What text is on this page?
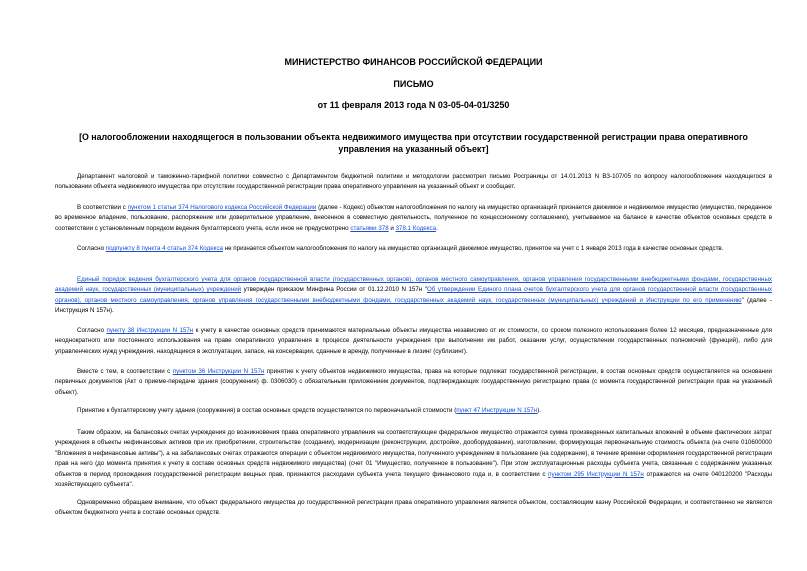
МИНИСТЕРСТВО ФИНАНСОВ РОССИЙСКОЙ ФЕДЕРАЦИИ
ПИСЬМО
от 11 февраля 2013 года N 03-05-04-01/3250
[О налогообложении находящегося в пользовании объекта недвижимого имущества при отсутствии государственной регистрации права оперативного управления на указанный объект]
Департамент налоговой и таможенно-тарифной политики совместно с Департаментом бюджетной политики и методологии рассмотрел письмо Росграницы от 14.01.2013 N ВЗ-107/05 по вопросу налогообложения находящегося в пользовании объекта недвижимого имущества при отсутствии государственной регистрации права оперативного управления на указанный объект и сообщает.
В соответствии с пунктом 1 статьи 374 Налогового кодекса Российской Федерации (далее - Кодекс) объектом налогообложения по налогу на имущество организаций признается движимое и недвижимое имущество (имущество, переданное во временное владение, пользование, распоряжение или доверительное управление, внесенное в совместную деятельность, полученное по концессионному соглашению), учитываемое на балансе в качестве объектов основных средств в соответствии с установленным порядком ведения бухгалтерского учета, если иное не предусмотрено статьями 378 и 378.1 Кодекса.
Согласно подпункту 8 пункта 4 статьи 374 Кодекса не признается объектом налогообложения по налогу на имущество организаций движимое имущество, принятое на учет с 1 января 2013 года в качестве основных средств.
Единый порядок ведения бухгалтерского учета для органов государственной власти (государственных органов), органов местного самоуправления, органов управления государственными внебюджетными фондами, государственных академий наук, государственных (муниципальных) учреждений утвержден приказом Минфина России от 01.12.2010 N 157н "Об утверждении Единого плана счетов бухгалтерского учета для органов государственной власти (государственных органов), органов местного самоуправления, органов управления государственными внебюджетными фондами, государственных академий наук, государственных (муниципальных) учреждений и Инструкции по его применению" (далее - Инструкция N 157н).
Согласно пункту 38 Инструкции N 157н к учету в качестве основных средств принимаются материальные объекты имущества независимо от их стоимости, со сроком полезного использования более 12 месяцев, предназначенные для неоднократного или постоянного использования на праве оперативного управления в процессе деятельности учреждения при выполнении им работ, оказании услуг, осуществлении государственных полномочий (функций), либо для управленческих нужд учреждения, находящиеся в эксплуатации, запасе, на консервации, сданные в аренду, полученные в лизинг (сублизинг).
Вместе с тем, в соответствии с пунктом 36 Инструкции N 157н принятие к учету объектов недвижимого имущества, права на которые подлежат государственной регистрации, в состав основных средств осуществляется на основании первичных документов (Акт о приеме-передаче здания (сооружения) ф. 0306030) с обязательным приложением документов, подтверждающих государственную регистрацию права (с момента государственной регистрации прав на указанный объект).
Принятие к бухгалтерскому учету здания (сооружения) в состав основных средств осуществляется по первоначальной стоимости (пункт 47 Инструкции N 157н).
Таким образом, на балансовых счетах учреждения до возникновения права оперативного управления на соответствующее федеральное имущество отражается сумма произведенных капитальных вложений в объеме фактических затрат учреждения в объекты нефинансовых активов при их приобретении, строительстве (создании), модернизации (реконструкции, достройке, дооборудовании), изготовлении, формирующая первоначальную стоимость объекта (на счете 010600000 "Вложения в нефинансовые активы"), а на забалансовых счетах отражаются операции с объектом недвижимого имущества, полученного учреждением в пользование (на содержание), в течение времени оформления государственной регистрации прав на него (до момента принятия к учету в составе основных средств недвижимого имущества) (счет 01 "Имущество, полученное в пользование"). При этом эксплуатационные расходы субъекта учета, связанные с содержанием указанных объектов в период прохождения государственной регистрации вещных прав, признаются расходами субъекта учета текущего финансового года и, в соответствии с пунктом 295 Инструкции N 157н отражаются на счете 040120200 "Расходы хозяйствующего субъекта".
Одновременно обращаем внимание, что объект федерального имущества до государственной регистрации права оперативного управления является объектом, составляющим казну Российской Федерации, и соответственно не является объектом бюджетного учета в составе основных средств.
